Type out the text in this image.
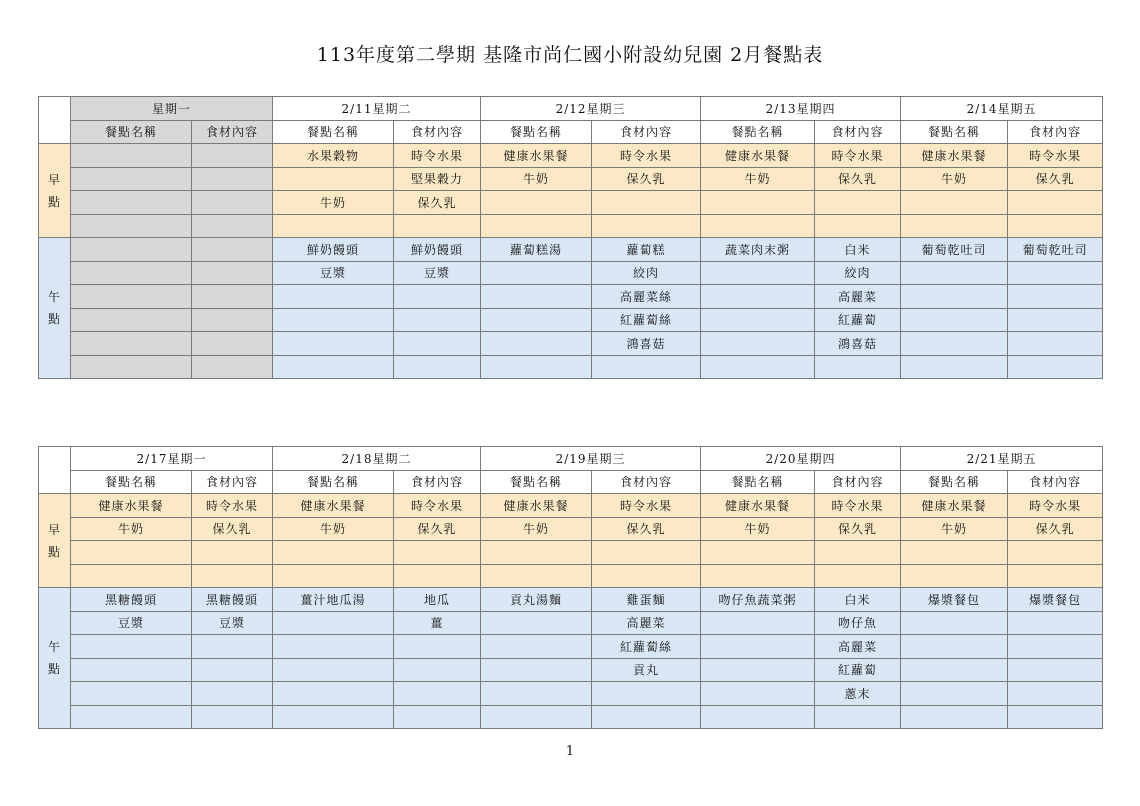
113年度第二學期 基隆市尚仁國小附設幼兒園 2月餐點表
	星期一		2/11星期二		2/12星期三		2/13星期四		2/14星期五	
	餐點名稱	食材內容	餐點名稱	食材內容	餐點名稱	食材內容	餐點名稱	食材內容	餐點名稱	食材內容

早
點			水果穀物	時令水果	健康水果餐	時令水果	健康水果餐	時令水果	健康水果餐	時令水果
				堅果穀力	牛奶	保久乳	牛奶	保久乳	牛奶	保久乳
			牛奶	保久乳						

午
點			鮮奶饅頭	鮮奶饅頭	蘿蔔糕湯	蘿蔔糕	蔬菜肉末粥	白米	葡萄乾吐司	葡萄乾吐司
			豆漿	豆漿		絞肉		絞肉		
						高麗菜絲		高麗菜		
						紅蘿蔔絲		紅蘿蔔		
						鴻喜菇		鴻喜菇		

	2/17星期一		2/18星期二		2/19星期三		2/20星期四		2/21星期五	
	餐點名稱	食材內容	餐點名稱	食材內容	餐點名稱	食材內容	餐點名稱	食材內容	餐點名稱	食材內容

早
點	健康水果餐	時令水果	健康水果餐	時令水果	健康水果餐	時令水果	健康水果餐	時令水果	健康水果餐	時令水果
	牛奶	保久乳	牛奶	保久乳	牛奶	保久乳	牛奶	保久乳	牛奶	保久乳

午
點	黑糖饅頭	黑糖饅頭	薑汁地瓜湯	地瓜	貢丸湯麵	雞蛋麵	吻仔魚蔬菜粥	白米	爆漿餐包	爆漿餐包
	豆漿	豆漿		薑		高麗菜		吻仔魚		
						紅蘿蔔絲		高麗菜		
						貢丸		紅蘿蔔		
								蔥末		

1
